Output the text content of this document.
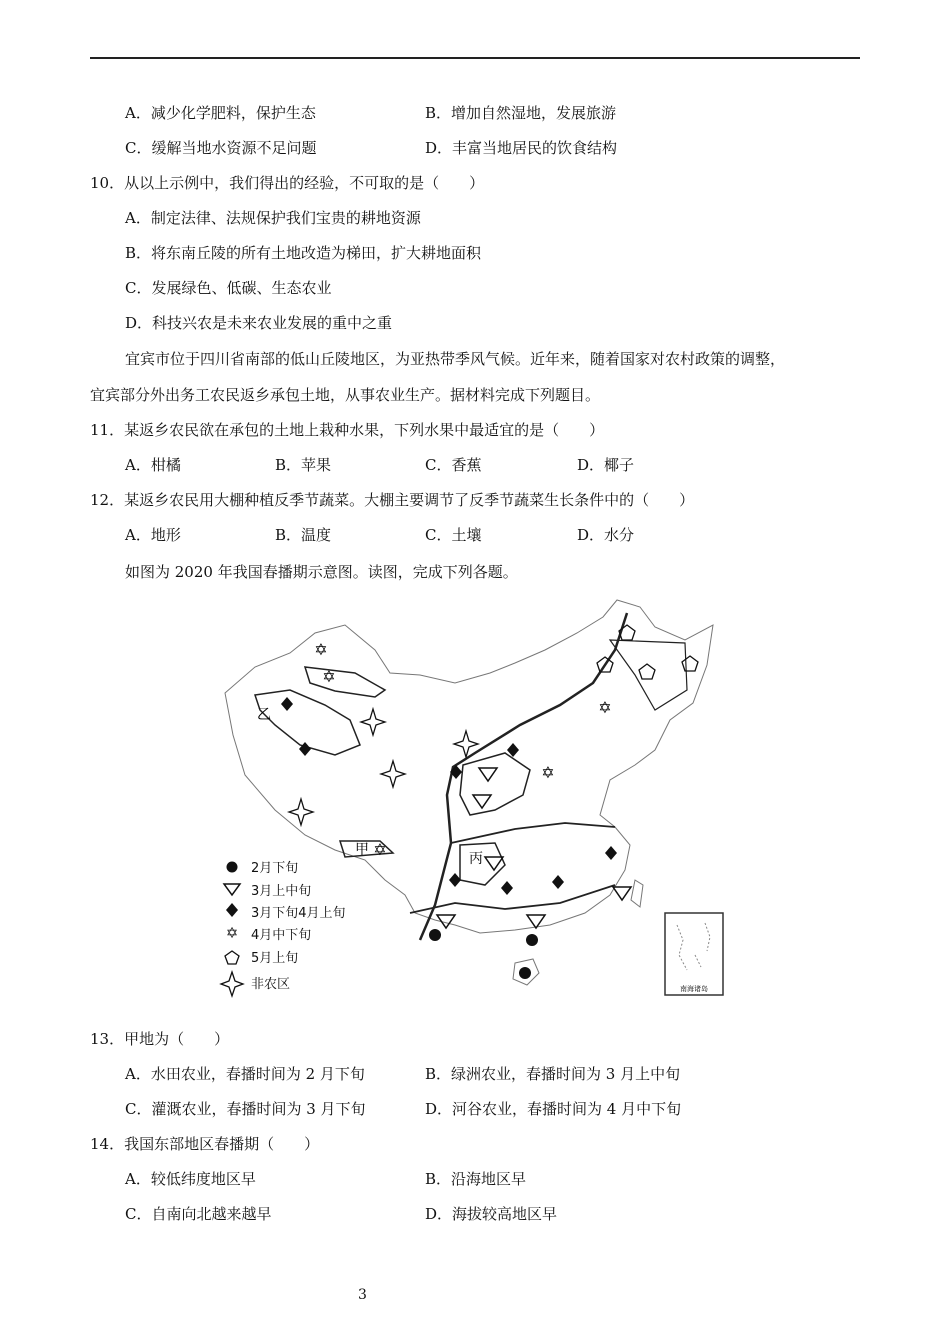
A．减少化学肥料，保护生态	B．增加自然湿地，发展旅游
C．缓解当地水资源不足问题	D．丰富当地居民的饮食结构
10．从以上示例中，我们得出的经验，不可取的是（　　）
A．制定法律、法规保护我们宝贵的耕地资源
B．将东南丘陵的所有土地改造为梯田，扩大耕地面积
C．发展绿色、低碳、生态农业
D．科技兴农是未来农业发展的重中之重
宜宾市位于四川省南部的低山丘陵地区，为亚热带季风气候。近年来，随着国家对农村政策的调整，
宜宾部分外出务工农民返乡承包土地，从事农业生产。据材料完成下列题目。
11．某返乡农民欲在承包的土地上栽种水果，下列水果中最适宜的是（　　）
A．柑橘	B．苹果	C．香蕉	D．椰子
12．某返乡农民用大棚种植反季节蔬菜。大棚主要调节了反季节蔬菜生长条件中的（　　）
A．地形	B．温度	C．土壤	D．水分
如图为 2020 年我国春播期示意图。读图，完成下列各题。
乙
甲
丙
✡
✡
✡
✡
✡
2月下旬
3月上中旬
3月下旬4月上旬
✡ 4月中下旬
5月上旬
非农区	南海诸岛
13．甲地为（　　）
A．水田农业，春播时间为 2 月下旬	B．绿洲农业，春播时间为 3 月上中旬
C．灌溉农业，春播时间为 3 月下旬	D．河谷农业，春播时间为 4 月中下旬
14．我国东部地区春播期（　　）
A．较低纬度地区早	B．沿海地区早
C．自南向北越来越早	D．海拔较高地区早
3
